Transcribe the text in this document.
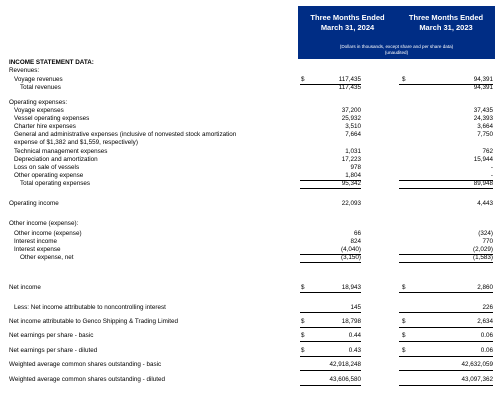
Three Months Ended
March 31, 2024
Three Months Ended
March 31, 2023
(Dollars in thousands, except share and per share data)
(unaudited)
INCOME STATEMENT DATA:
Revenues:
Voyage revenues	$	117,435	$	94,391
Total revenues	117,435	94,391
Operating expenses:
Voyage expenses	37,200	37,435
Vessel operating expenses	25,932	24,393
Charter hire expenses	3,510	3,664
General and administrative expenses (inclusive of nonvested stock amortization	7,664	7,750
expense of $1,382 and $1,559, respectively)
Technical management expenses	1,031	762
Depreciation and amortization	17,223	15,944
Loss on sale of vessels	978	-
Other operating expense	1,804	-
Total operating expenses	95,342	89,948
Operating income	22,093	4,443
Other income (expense):
Other income (expense)	66	(324)
Interest income	824	770
Interest expense	(4,040)	(2,029)
Other expense, net	(3,150)	(1,583)
Net income	$	18,943	$	2,860
Less: Net income attributable to noncontrolling interest	145	226
Net income attributable to Genco Shipping & Trading Limited	$	18,798	$	2,634
Net earnings per share - basic	$	0.44	$	0.06
Net earnings per share - diluted	$	0.43	$	0.06
Weighted average common shares outstanding - basic	42,918,248	42,632,059
Weighted average common shares outstanding - diluted	43,606,580	43,097,362
